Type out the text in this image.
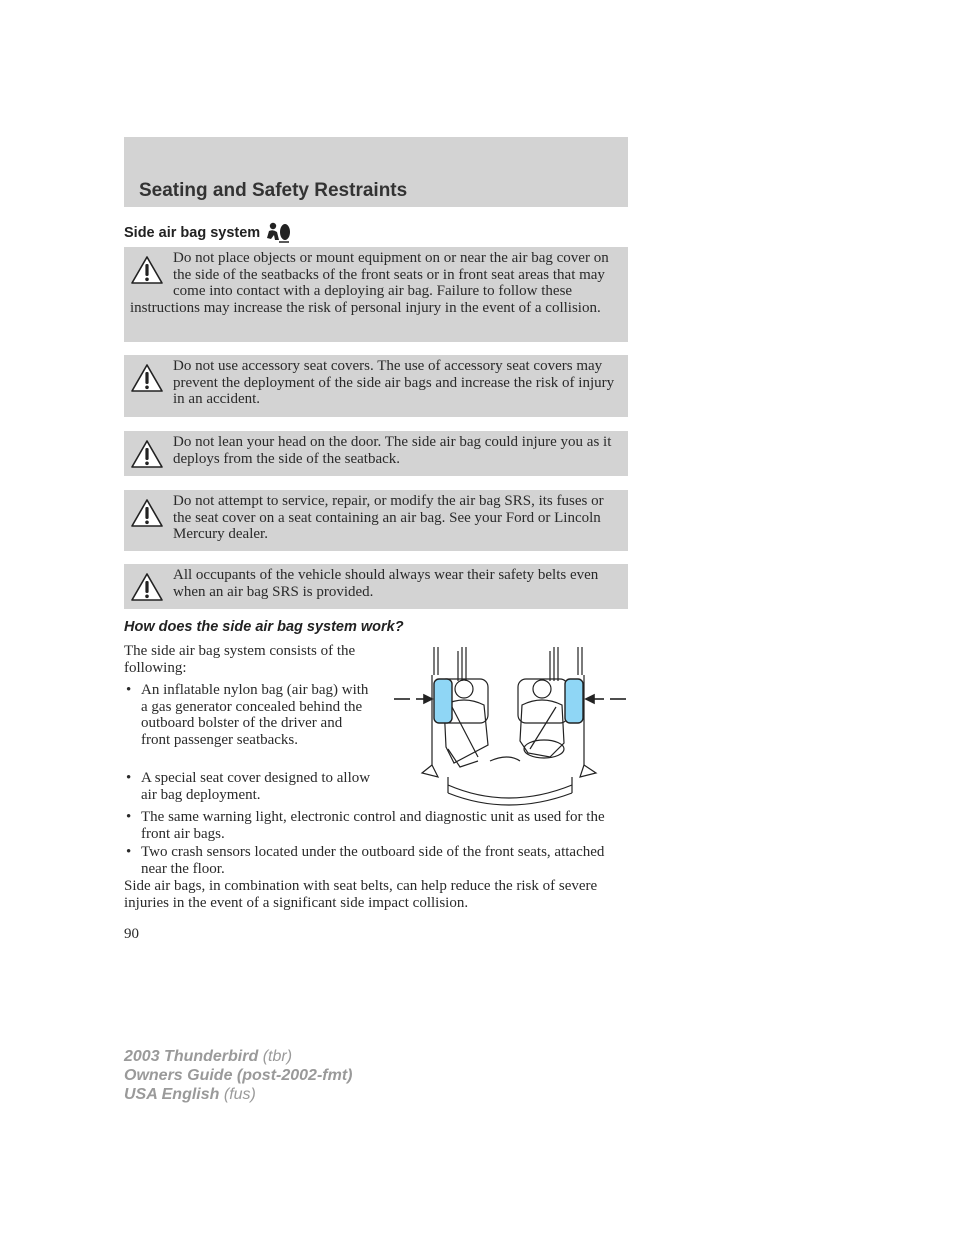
Seating and Safety Restraints
Side air bag system
Do not place objects or mount equipment on or near the air bag cover on the side of the seatbacks of the front seats or in front seat areas that may come into contact with a deploying air bag. Failure to follow these instructions may increase the risk of personal injury in the event of a collision.
Do not use accessory seat covers. The use of accessory seat covers may prevent the deployment of the side air bags and increase the risk of injury in an accident.
Do not lean your head on the door. The side air bag could injure you as it deploys from the side of the seatback.
Do not attempt to service, repair, or modify the air bag SRS, its fuses or the seat cover on a seat containing an air bag. See your Ford or Lincoln Mercury dealer.
All occupants of the vehicle should always wear their safety belts even when an air bag SRS is provided.
How does the side air bag system work?

The side air bag system consists of the following:

• An inflatable nylon bag (air bag) with a gas generator concealed behind the outboard bolster of the driver and front passenger seatbacks.
• A special seat cover designed to allow air bag deployment.
• The same warning light, electronic control and diagnostic unit as used for the front air bags.
• Two crash sensors located under the outboard side of the front seats, attached near the floor.

Side air bags, in combination with seat belts, can help reduce the risk of severe injuries in the event of a significant side impact collision.

90
2003 Thunderbird (tbr)
Owners Guide (post-2002-fmt)
USA English (fus)
